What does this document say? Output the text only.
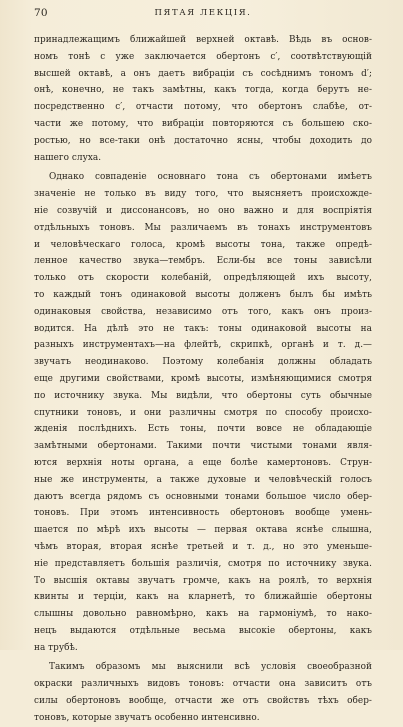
70	ПЯТАЯ ЛЕКЦІЯ.
принадлежащимъ ближайшей верхней октавѣ. Вѣдь въ основ-
номъ тонѣ c уже заключается обертонъ c′, соотвѣтствующій
высшей октавѣ, а онъ даетъ вибраціи съ сосѣднимъ тономъ d′;
онѣ, конечно, не такъ замѣтны, какъ тогда, когда берутъ не-
посредственно c′, отчасти потому, что обертонъ слабѣе, от-
части же потому, что вибраціи повторяются съ большею ско-
ростью, но все-таки онѣ достаточно ясны, чтобы доходить до
нашего слуха.
Однако совпаденіе основнаго тона съ обертонами имѣетъ
значеніе не только въ виду того, что выясняетъ происхожде-
ніе созвучій и диссонансовъ, но оно важно и для воспріятія
отдѣльныхъ тоновъ. Мы различаемъ въ тонахъ инструментовъ
и человѣческаго голоса, кромѣ высоты тона, также опредѣ-
ленное качество звука—тембръ. Если-бы все тоны зависѣли
только отъ скорости колебаній, опредѣляющей ихъ высоту,
то каждый тонъ одинаковой высоты долженъ былъ бы имѣть
одинаковыя свойства, независимо отъ того, какъ онъ произ-
водится. На дѣлѣ это не такъ: тоны одинаковой высоты на
разныхъ инструментахъ—на флейтѣ, скрипкѣ, органѣ и т. д.—
звучатъ неодинаково. Поэтому колебанія должны обладать
еще другими свойствами, кромѣ высоты, измѣняющимися смотря
по источнику звука. Мы видѣли, что обертоны суть обычные
спутники тоновъ, и они различны смотря по способу происхо-
жденія послѣднихъ. Есть тоны, почти вовсе не обладающіе
замѣтными обертонами. Такими почти чистыми тонами явля-
ются верхнія ноты органа, а еще болѣе камертоновъ. Струн-
ные же инструменты, а также духовые и человѣческій голосъ
даютъ всегда рядомъ съ основными тонами большое число обер-
тоновъ. При этомъ интенсивность обертоновъ вообще умень-
шается по мѣрѣ ихъ высоты — первая октава яснѣе слышна,
чѣмъ вторая, вторая яснѣе третьей и т. д., но это уменьше-
ніе представляетъ большія различія, смотря по источнику звука.
То высшія октавы звучатъ громче, какъ на роялѣ, то верхнія
квинты и терціи, какъ на кларнетѣ, то ближайшіе обертоны
слышны довольно равномѣрно, какъ на гармоніумѣ, то нако-
нецъ выдаются отдѣльные весьма высокіе обертоны, какъ
на трубѣ.
Такимъ образомъ мы выяснили всѣ условія своеобразной
окраски различныхъ видовъ тоновъ: отчасти она зависитъ отъ
силы обертоновъ вообще, отчасти же отъ свойствъ тѣхъ обер-
тоновъ, которые звучатъ особенно интенсивно.
